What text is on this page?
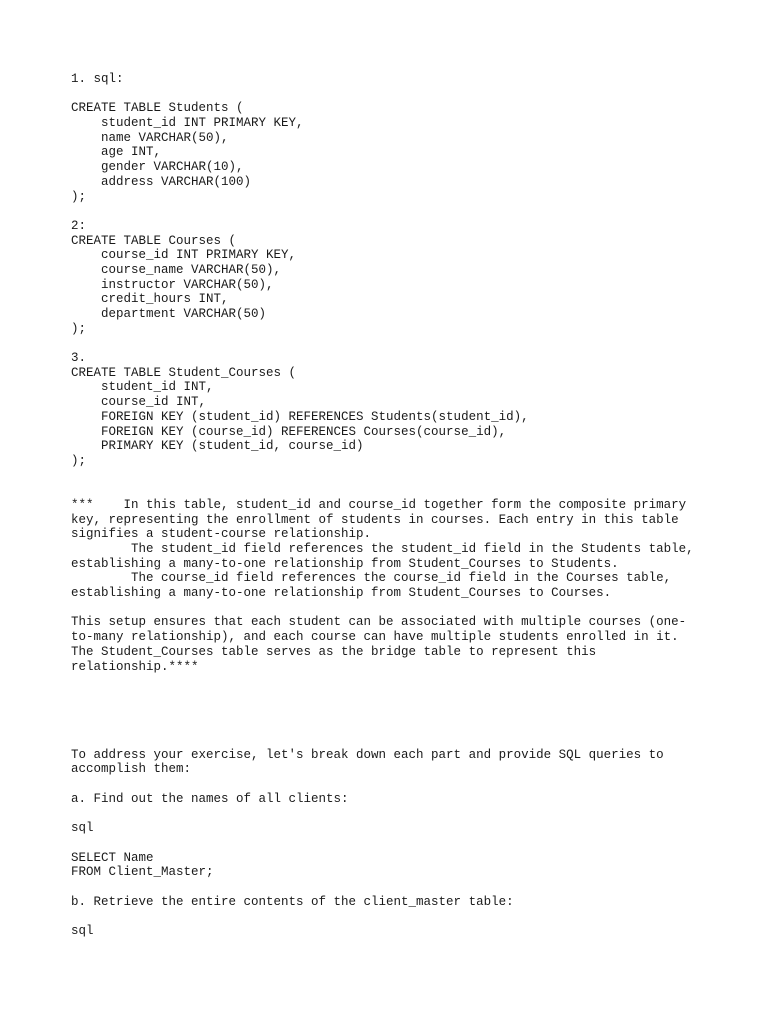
1. sql:
CREATE TABLE Students (
student_id INT PRIMARY KEY,
name VARCHAR(50),
age INT,
gender VARCHAR(10),
address VARCHAR(100)
);
2:
CREATE TABLE Courses (
course_id INT PRIMARY KEY,
course_name VARCHAR(50),
instructor VARCHAR(50),
credit_hours INT,
department VARCHAR(50)
);
3.
CREATE TABLE Student_Courses (
student_id INT,
course_id INT,
FOREIGN KEY (student_id) REFERENCES Students(student_id),
FOREIGN KEY (course_id) REFERENCES Courses(course_id),
PRIMARY KEY (student_id, course_id)
);
***    In this table, student_id and course_id together form the composite primary
key, representing the enrollment of students in courses. Each entry in this table
signifies a student-course relationship.
The student_id field references the student_id field in the Students table,
establishing a many-to-one relationship from Student_Courses to Students.
The course_id field references the course_id field in the Courses table,
establishing a many-to-one relationship from Student_Courses to Courses.
This setup ensures that each student can be associated with multiple courses (one-
to-many relationship), and each course can have multiple students enrolled in it.
The Student_Courses table serves as the bridge table to represent this
relationship.****
To address your exercise, let's break down each part and provide SQL queries to
accomplish them:
a. Find out the names of all clients:
sql
SELECT Name
FROM Client_Master;
b. Retrieve the entire contents of the client_master table:
sql
